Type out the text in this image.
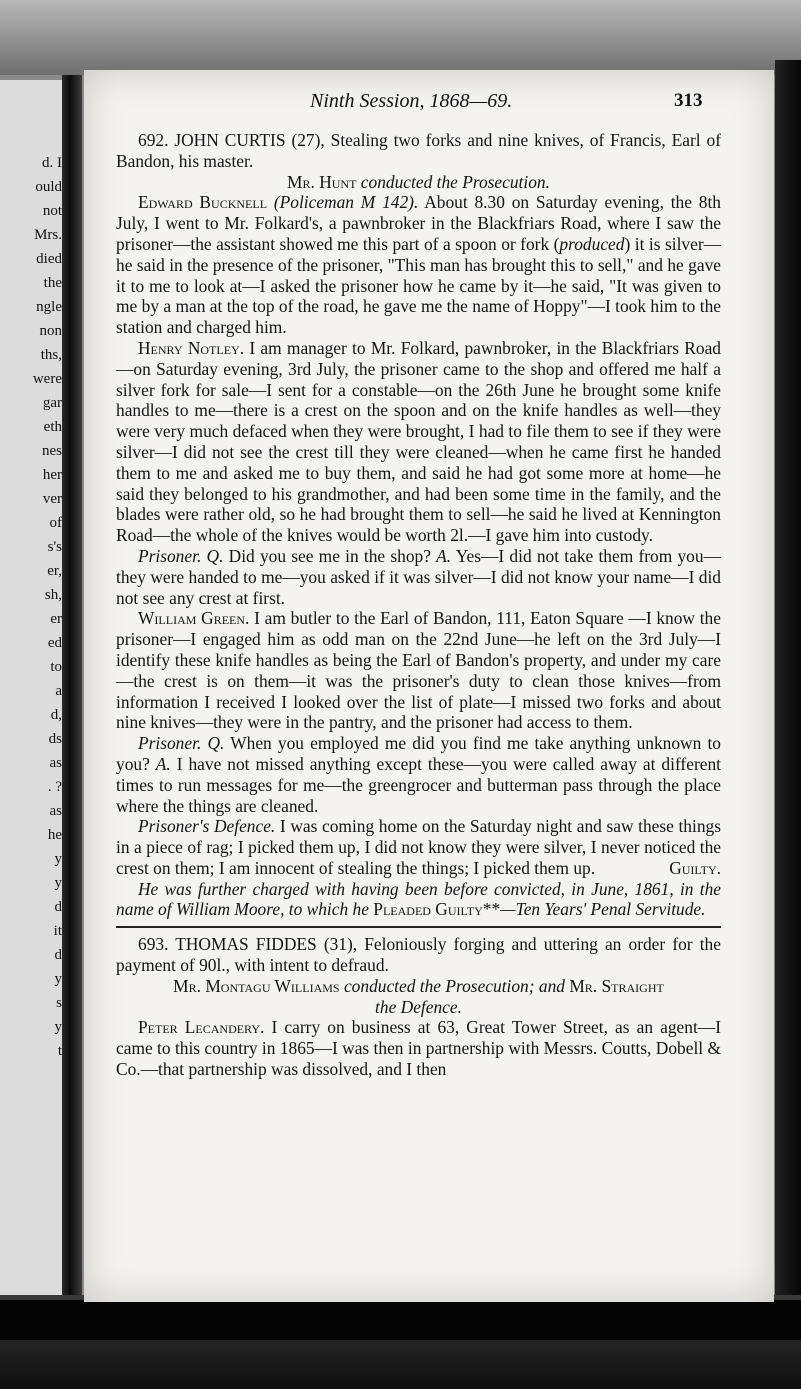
d. I
ould
not
Mrs.
died
the
ngle
non
ths,
were
gar
eth
nes
her
ver
of
s's
er,
sh,
er
ed
to
a
d,
ds
as
. ?
as
he
y
y
d
it
d
y
s
y
t
Ninth Session, 1868—69.	313

692. JOHN CURTIS (27), Stealing two forks and nine knives, of Francis, Earl of Bandon, his master.

Mr. Hunt conducted the Prosecution.

Edward Bucknell (Policeman M 142). About 8.30 on Saturday evening, the 8th July, I went to Mr. Folkard's, a pawnbroker in the Blackfriars Road, where I saw the prisoner—the assistant showed me this part of a spoon or fork (produced) it is silver—he said in the presence of the prisoner, "This man has brought this to sell," and he gave it to me to look at—I asked the prisoner how he came by it—he said, "It was given to me by a man at the top of the road, he gave me the name of Hoppy"—I took him to the station and charged him.

Henry Notley. I am manager to Mr. Folkard, pawnbroker, in the Blackfriars Road—on Saturday evening, 3rd July, the prisoner came to the shop and offered me half a silver fork for sale—I sent for a constable—on the 26th June he brought some knife handles to me—there is a crest on the spoon and on the knife handles as well—they were very much defaced when they were brought, I had to file them to see if they were silver—I did not see the crest till they were cleaned—when he came first he handed them to me and asked me to buy them, and said he had got some more at home—he said they belonged to his grandmother, and had been some time in the family, and the blades were rather old, so he had brought them to sell—he said he lived at Kennington Road—the whole of the knives would be worth 2l.—I gave him into custody.

Prisoner. Q. Did you see me in the shop? A. Yes—I did not take them from you—they were handed to me—you asked if it was silver—I did not know your name—I did not see any crest at first.

William Green. I am butler to the Earl of Bandon, 111, Eaton Square —I know the prisoner—I engaged him as odd man on the 22nd June—he left on the 3rd July—I identify these knife handles as being the Earl of Bandon's property, and under my care—the crest is on them—it was the prisoner's duty to clean those knives—from information I received I looked over the list of plate—I missed two forks and about nine knives—they were in the pantry, and the prisoner had access to them.

Prisoner. Q. When you employed me did you find me take anything unknown to you? A. I have not missed anything except these—you were called away at different times to run messages for me—the greengrocer and butterman pass through the place where the things are cleaned.

Prisoner's Defence. I was coming home on the Saturday night and saw these things in a piece of rag; I picked them up, I did not know they were silver, I never noticed the crest on them; I am innocent of stealing the things; I picked them up.	Guilty.

He was further charged with having been before convicted, in June, 1861, in the name of William Moore, to which he Pleaded Guilty**—Ten Years' Penal Servitude.

693. THOMAS FIDDES (31), Feloniously forging and uttering an order for the payment of 90l., with intent to defraud.

Mr. Montagu Williams conducted the Prosecution; and Mr. Straight
the Defence.

Peter Lecandery. I carry on business at 63, Great Tower Street, as an agent—I came to this country in 1865—I was then in partnership with Messrs. Coutts, Dobell & Co.—that partnership was dissolved, and I then
